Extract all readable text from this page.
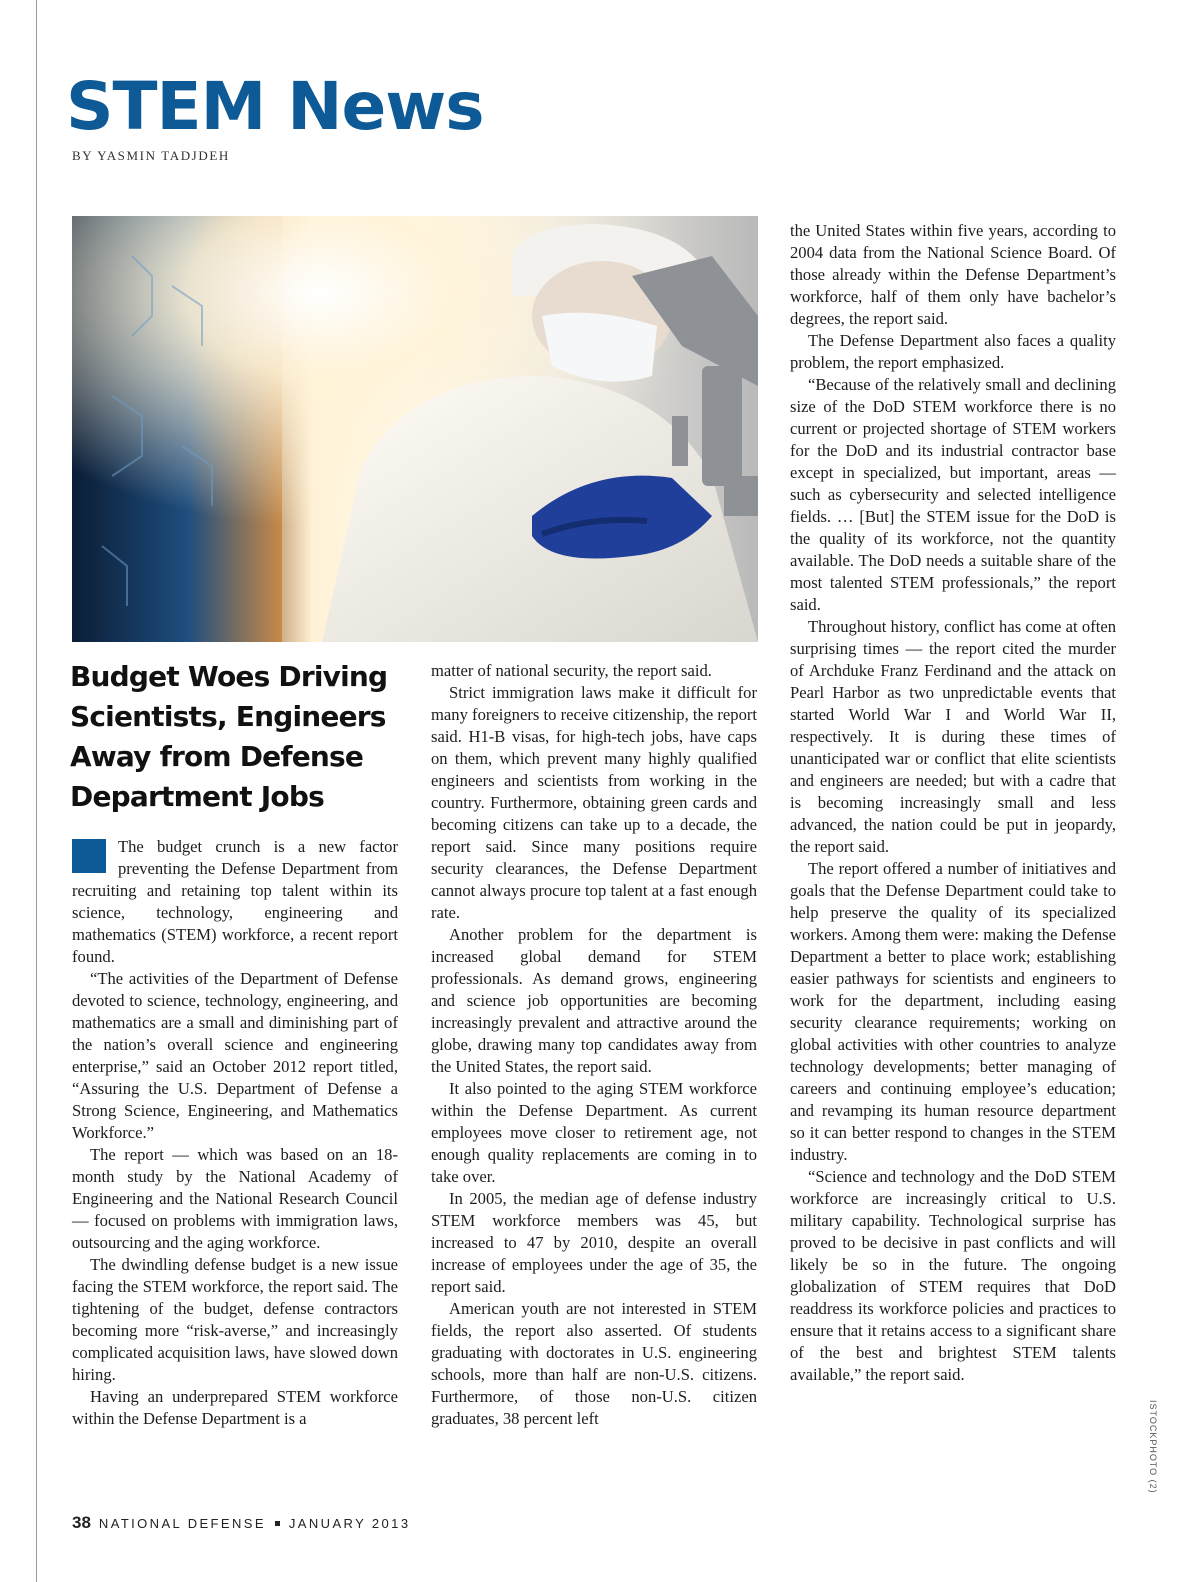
STEM News
BY YASMIN TADJDEH
Budget Woes Driving Scientists, Engineers Away from Defense Department Jobs

The budget crunch is a new factor preventing the Defense Department from recruiting and retaining top talent within its science, technology, engineering and mathematics (STEM) workforce, a recent report found.

“The activities of the Department of Defense devoted to science, technology, engineering, and mathematics are a small and diminishing part of the nation’s overall science and engineering enterprise,” said an October 2012 report titled, “Assuring the U.S. Department of Defense a Strong Science, Engineering, and Mathematics Workforce.”

The report — which was based on an 18-month study by the National Academy of Engineering and the National Research Council — focused on problems with immigration laws, outsourcing and the aging workforce.

The dwindling defense budget is a new issue facing the STEM workforce, the report said. The tightening of the budget, defense contractors becoming more “risk-averse,” and increasingly complicated acquisition laws, have slowed down hiring.

Having an underprepared STEM workforce within the Defense Department is a

matter of national security, the report said.

Strict immigration laws make it difficult for many foreigners to receive citizenship, the report said. H1-B visas, for high-tech jobs, have caps on them, which prevent many highly qualified engineers and scientists from working in the country. Furthermore, obtaining green cards and becoming citizens can take up to a decade, the report said. Since many positions require security clearances, the Defense Department cannot always procure top talent at a fast enough rate.

Another problem for the department is increased global demand for STEM professionals. As demand grows, engineering and science job opportunities are becoming increasingly prevalent and attractive around the globe, drawing many top candidates away from the United States, the report said.

It also pointed to the aging STEM workforce within the Defense Department. As current employees move closer to retirement age, not enough quality replacements are coming in to take over.

In 2005, the median age of defense industry STEM workforce members was 45, but increased to 47 by 2010, despite an overall increase of employees under the age of 35, the report said.

American youth are not interested in STEM fields, the report also asserted. Of students graduating with doctorates in U.S. engineering schools, more than half are non-U.S. citizens. Furthermore, of those non-U.S. citizen graduates, 38 percent left

the United States within five years, according to 2004 data from the National Science Board. Of those already within the Defense Department’s workforce, half of them only have bachelor’s degrees, the report said.

The Defense Department also faces a quality problem, the report emphasized.

“Because of the relatively small and declining size of the DoD STEM workforce there is no current or projected shortage of STEM workers for the DoD and its industrial contractor base except in specialized, but important, areas — such as cybersecurity and selected intelligence fields. … [But] the STEM issue for the DoD is the quality of its workforce, not the quantity available. The DoD needs a suitable share of the most talented STEM professionals,” the report said.

Throughout history, conflict has come at often surprising times — the report cited the murder of Archduke Franz Ferdinand and the attack on Pearl Harbor as two unpredictable events that started World War I and World War II, respectively. It is during these times of unanticipated war or conflict that elite scientists and engineers are needed; but with a cadre that is becoming increasingly small and less advanced, the nation could be put in jeopardy, the report said.

The report offered a number of initiatives and goals that the Defense Department could take to help preserve the quality of its specialized workers. Among them were: making the Defense Department a better to place work; establishing easier pathways for scientists and engineers to work for the department, including easing security clearance requirements; working on global activities with other countries to analyze technology developments; better managing of careers and continuing employee’s education; and revamping its human resource department so it can better respond to changes in the STEM industry.

“Science and technology and the DoD STEM workforce are increasingly critical to U.S. military capability. Technological surprise has proved to be decisive in past conflicts and will likely be so in the future. The ongoing globalization of STEM requires that DoD readdress its workforce policies and practices to ensure that it retains access to a significant share of the best and brightest STEM talents available,” the report said.

ISTOCKPHOTO (2)
38 NATIONAL DEFENSE JANUARY 2013
